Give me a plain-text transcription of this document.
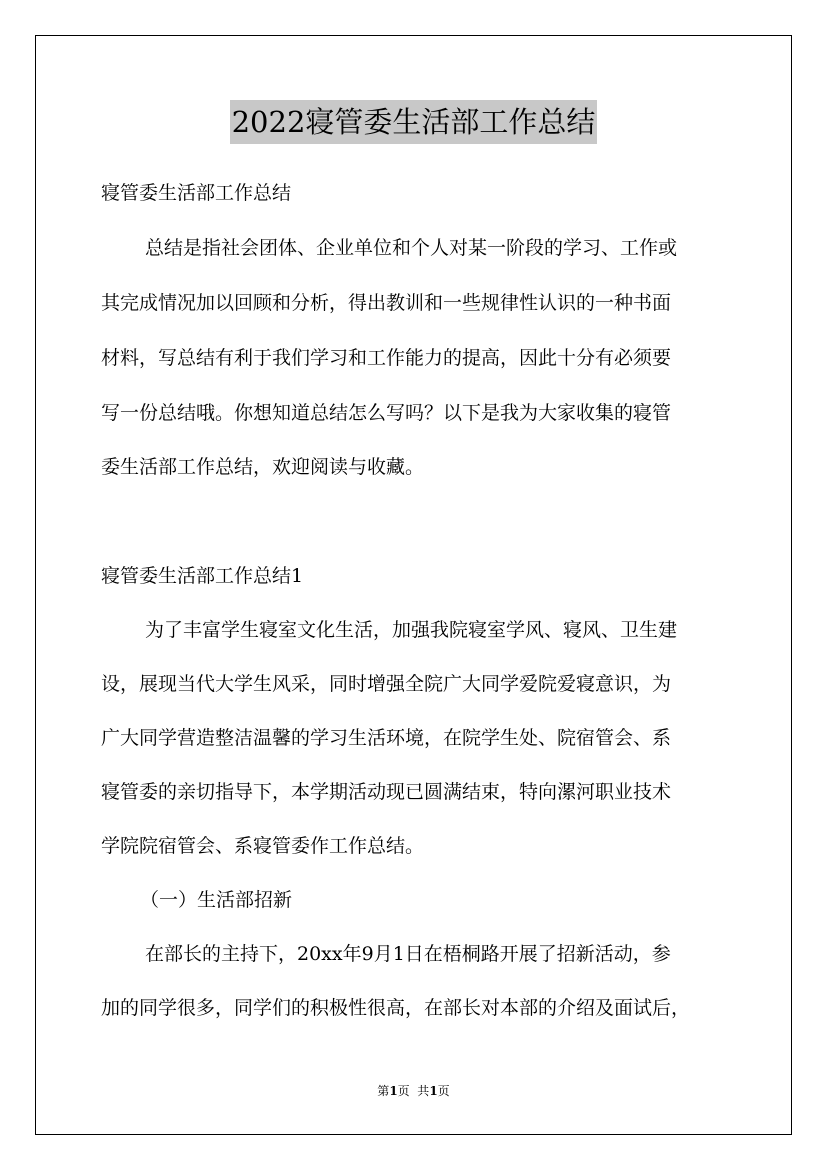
2022寝管委生活部工作总结
寝管委生活部工作总结
总结是指社会团体、企业单位和个人对某一阶段的学习、工作或
其完成情况加以回顾和分析，得出教训和一些规律性认识的一种书面
材料，写总结有利于我们学习和工作能力的提高，因此十分有必须要
写一份总结哦。你想知道总结怎么写吗？以下是我为大家收集的寝管
委生活部工作总结，欢迎阅读与收藏。
寝管委生活部工作总结1
为了丰富学生寝室文化生活，加强我院寝室学风、寝风、卫生建
设，展现当代大学生风采，同时增强全院广大同学爱院爱寝意识，为
广大同学营造整洁温馨的学习生活环境，在院学生处、院宿管会、系
寝管委的亲切指导下，本学期活动现已圆满结束，特向漯河职业技术
学院院宿管会、系寝管委作工作总结。
（一）生活部招新
在部长的主持下，20xx年9月1日在梧桐路开展了招新活动，参
加的同学很多，同学们的积极性很高，在部长对本部的介绍及面试后，
第1页  共1页
